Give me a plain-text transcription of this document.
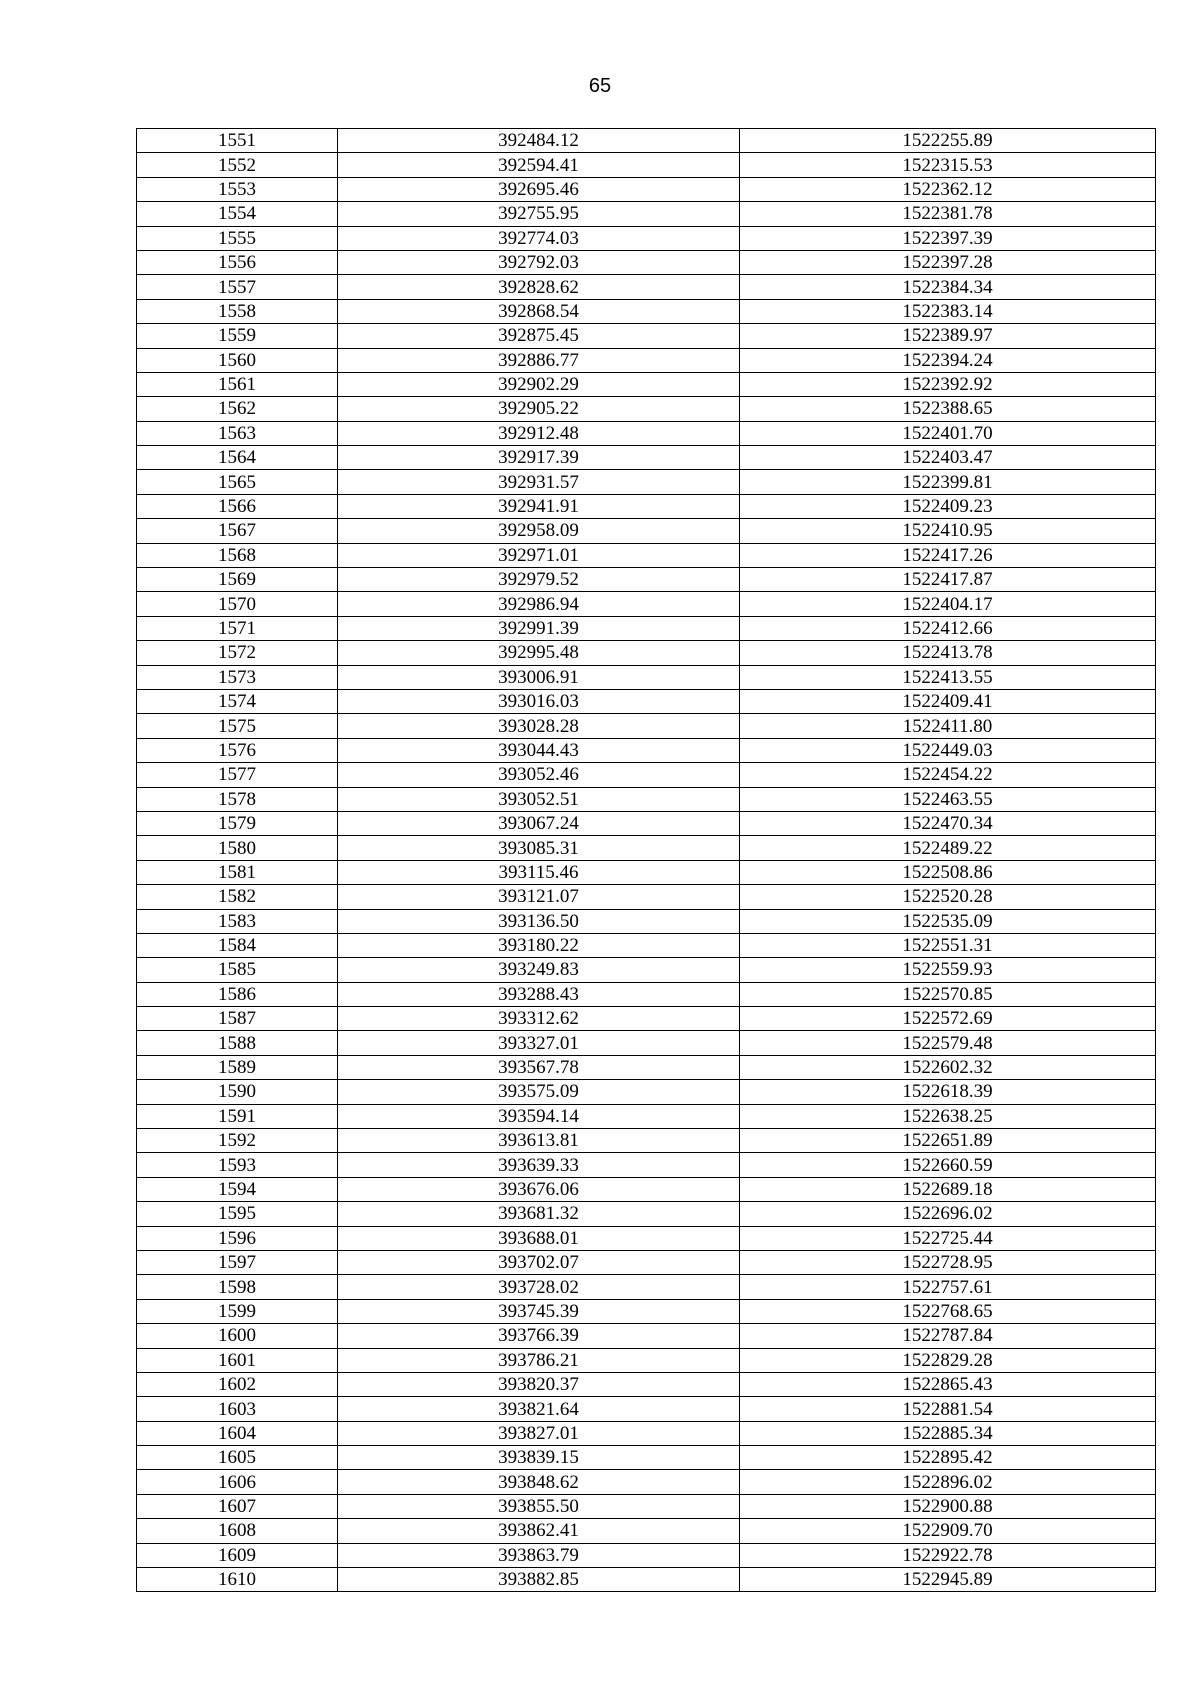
65
1551	392484.12	1522255.89
1552	392594.41	1522315.53
1553	392695.46	1522362.12
1554	392755.95	1522381.78
1555	392774.03	1522397.39
1556	392792.03	1522397.28
1557	392828.62	1522384.34
1558	392868.54	1522383.14
1559	392875.45	1522389.97
1560	392886.77	1522394.24
1561	392902.29	1522392.92
1562	392905.22	1522388.65
1563	392912.48	1522401.70
1564	392917.39	1522403.47
1565	392931.57	1522399.81
1566	392941.91	1522409.23
1567	392958.09	1522410.95
1568	392971.01	1522417.26
1569	392979.52	1522417.87
1570	392986.94	1522404.17
1571	392991.39	1522412.66
1572	392995.48	1522413.78
1573	393006.91	1522413.55
1574	393016.03	1522409.41
1575	393028.28	1522411.80
1576	393044.43	1522449.03
1577	393052.46	1522454.22
1578	393052.51	1522463.55
1579	393067.24	1522470.34
1580	393085.31	1522489.22
1581	393115.46	1522508.86
1582	393121.07	1522520.28
1583	393136.50	1522535.09
1584	393180.22	1522551.31
1585	393249.83	1522559.93
1586	393288.43	1522570.85
1587	393312.62	1522572.69
1588	393327.01	1522579.48
1589	393567.78	1522602.32
1590	393575.09	1522618.39
1591	393594.14	1522638.25
1592	393613.81	1522651.89
1593	393639.33	1522660.59
1594	393676.06	1522689.18
1595	393681.32	1522696.02
1596	393688.01	1522725.44
1597	393702.07	1522728.95
1598	393728.02	1522757.61
1599	393745.39	1522768.65
1600	393766.39	1522787.84
1601	393786.21	1522829.28
1602	393820.37	1522865.43
1603	393821.64	1522881.54
1604	393827.01	1522885.34
1605	393839.15	1522895.42
1606	393848.62	1522896.02
1607	393855.50	1522900.88
1608	393862.41	1522909.70
1609	393863.79	1522922.78
1610	393882.85	1522945.89
